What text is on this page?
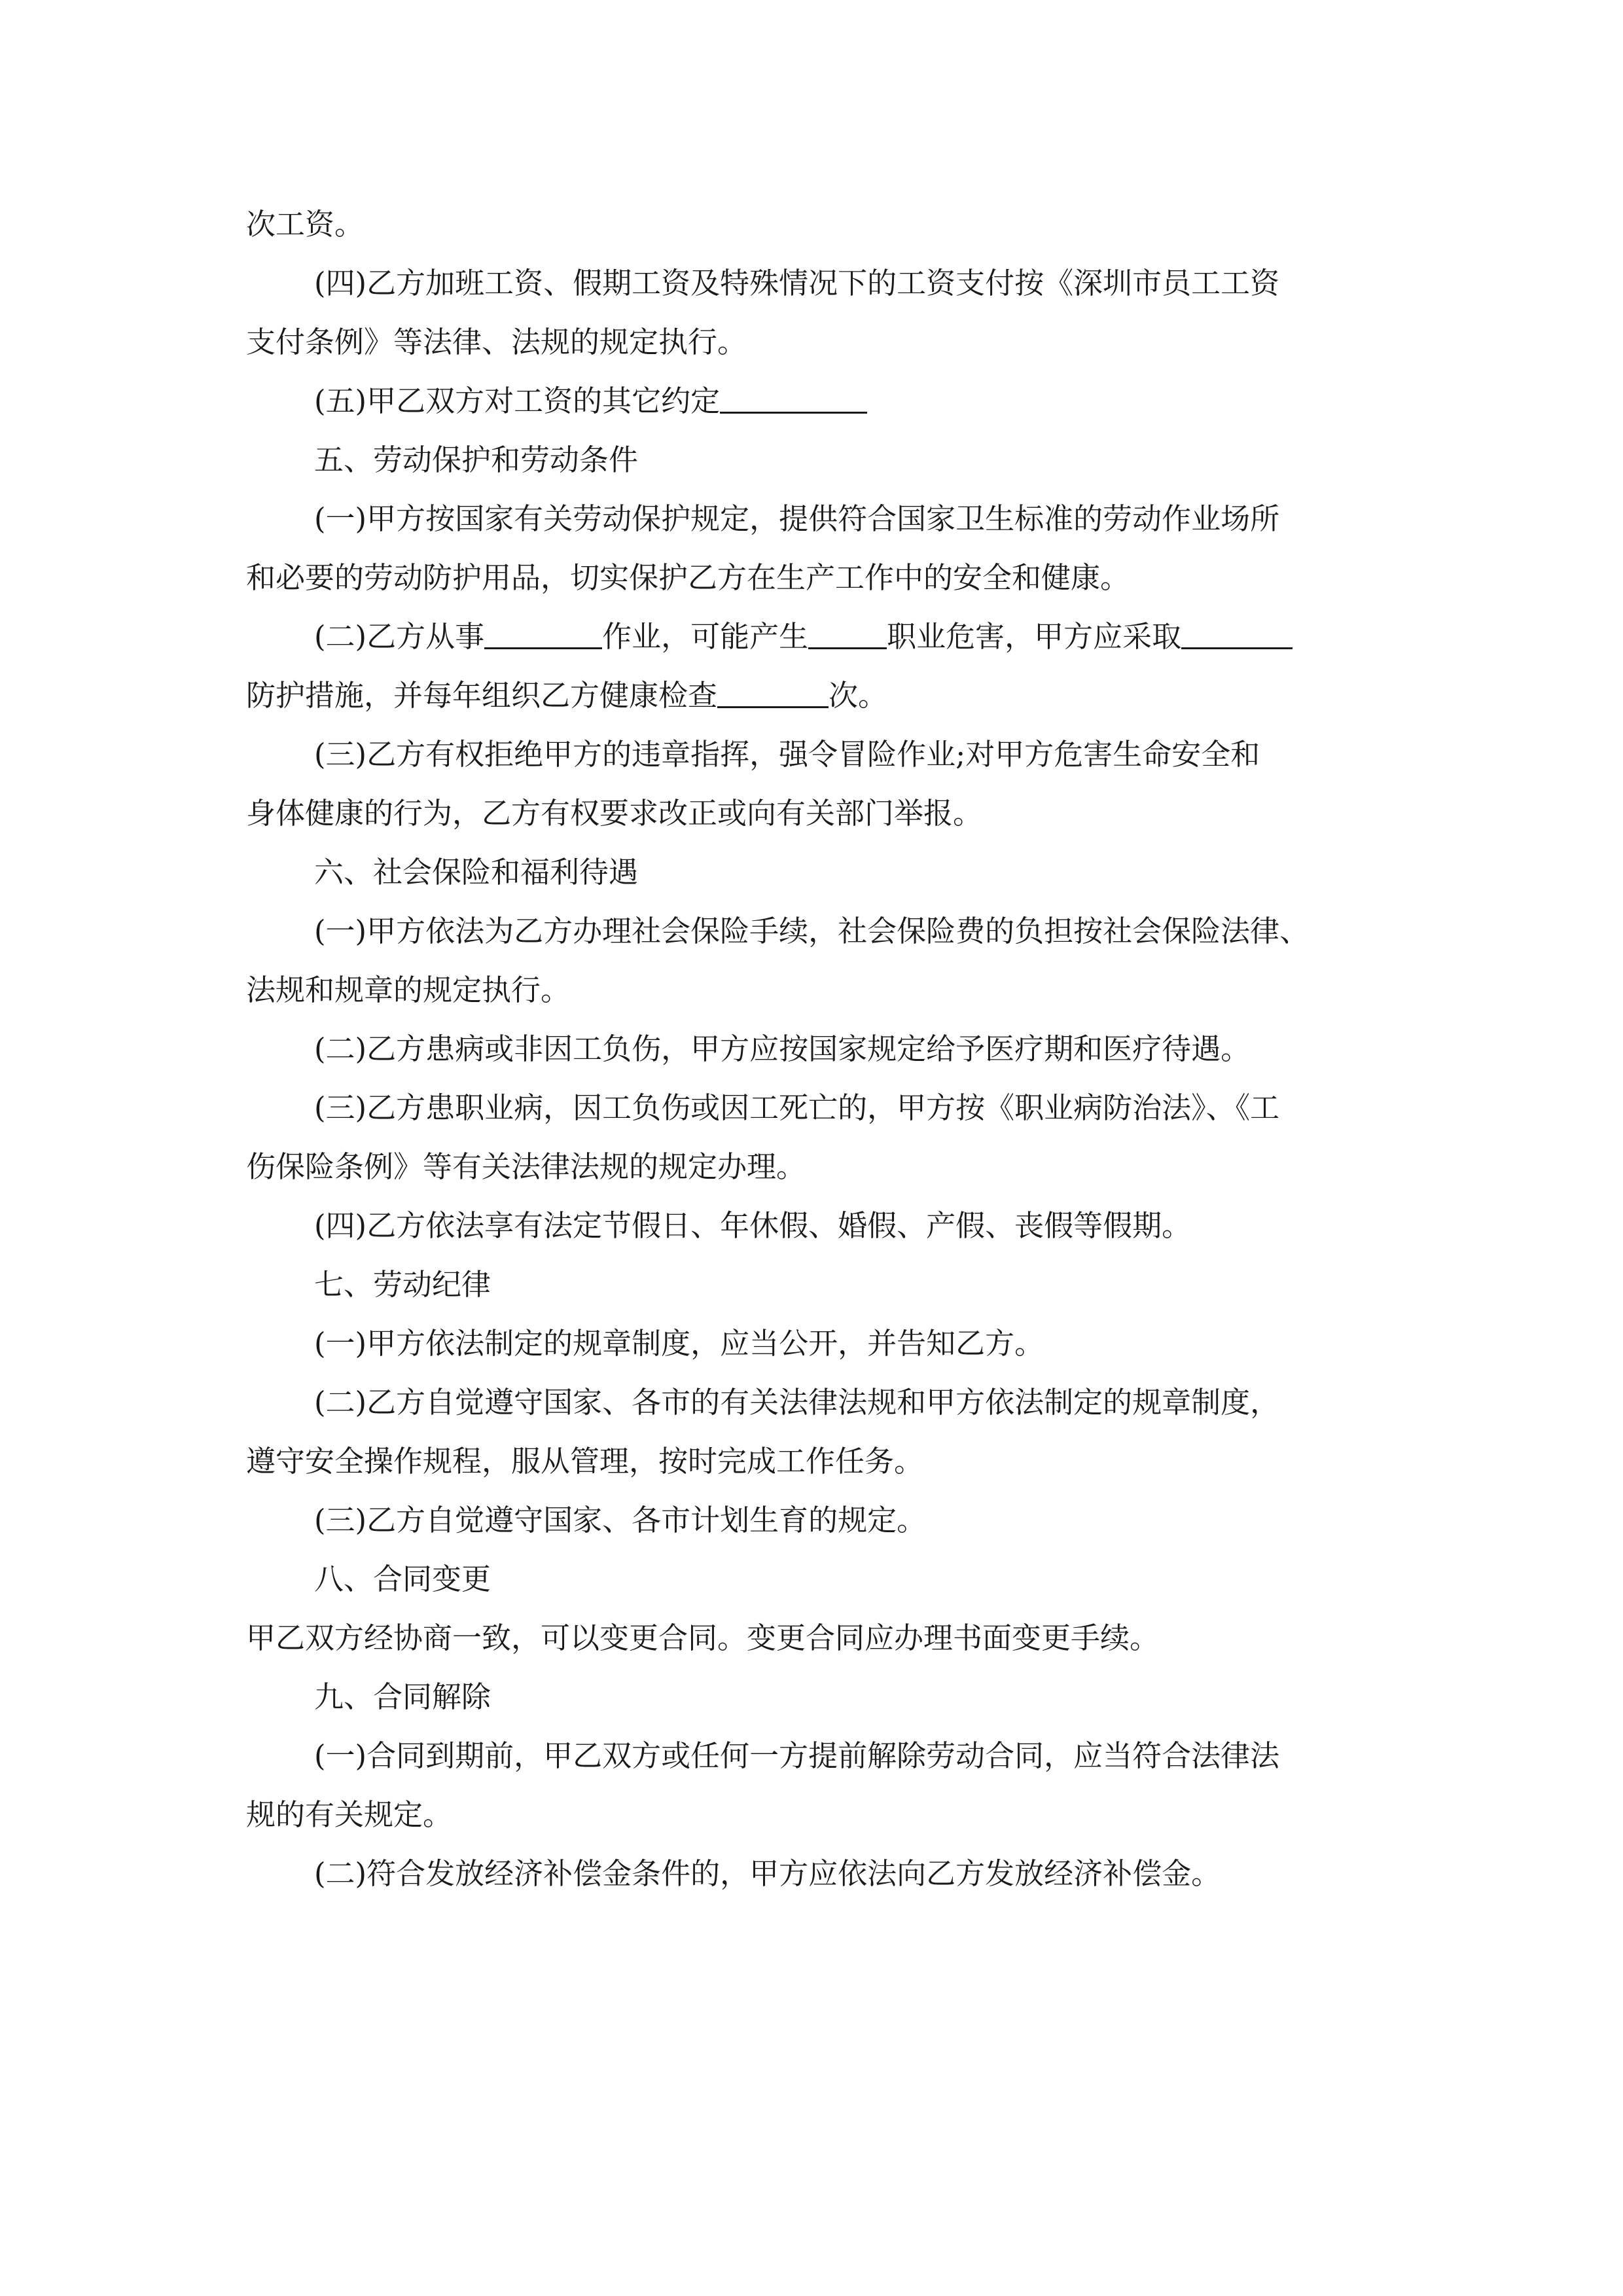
次工资。
(四)乙方加班工资、假期工资及特殊情况下的工资支付按《深圳市员工工资
支付条例》等法律、法规的规定执行。
(五)甲乙双方对工资的其它约定
五、劳动保护和劳动条件
(一)甲方按国家有关劳动保护规定，提供符合国家卫生标准的劳动作业场所
和必要的劳动防护用品，切实保护乙方在生产工作中的安全和健康。
(二)乙方从事	作业，可能产生	职业危害，甲方应采取
防护措施，并每年组织乙方健康检查	次。
(三)乙方有权拒绝甲方的违章指挥，强令冒险作业;对甲方危害生命安全和
身体健康的行为，乙方有权要求改正或向有关部门举报。
六、社会保险和福利待遇
(一)甲方依法为乙方办理社会保险手续，社会保险费的负担按社会保险法律、
法规和规章的规定执行。
(二)乙方患病或非因工负伤，甲方应按国家规定给予医疗期和医疗待遇。
(三)乙方患职业病，因工负伤或因工死亡的，甲方按《职业病防治法》、《工
伤保险条例》等有关法律法规的规定办理。
(四)乙方依法享有法定节假日、年休假、婚假、产假、丧假等假期。
七、劳动纪律
(一)甲方依法制定的规章制度，应当公开，并告知乙方。
(二)乙方自觉遵守国家、各市的有关法律法规和甲方依法制定的规章制度，
遵守安全操作规程，服从管理，按时完成工作任务。
(三)乙方自觉遵守国家、各市计划生育的规定。
八、合同变更
甲乙双方经协商一致，可以变更合同。变更合同应办理书面变更手续。
九、合同解除
(一)合同到期前，甲乙双方或任何一方提前解除劳动合同，应当符合法律法
规的有关规定。
(二)符合发放经济补偿金条件的，甲方应依法向乙方发放经济补偿金。
